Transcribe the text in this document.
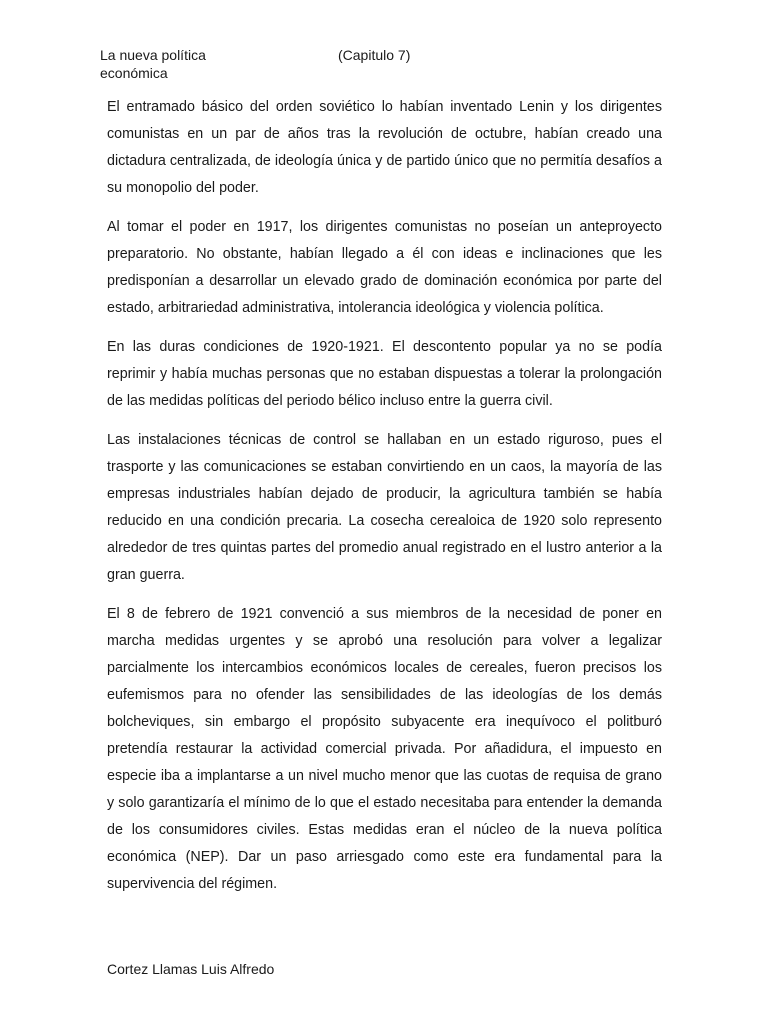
La nueva política económica
(Capitulo 7)

El entramado básico del orden soviético lo habían inventado Lenin y los dirigentes comunistas en un par de años tras la revolución de octubre, habían creado una dictadura centralizada, de ideología única y de partido único que no permitía desafíos a su monopolio del poder.

Al tomar el poder en 1917, los dirigentes comunistas no poseían un anteproyecto preparatorio. No obstante, habían llegado a él con ideas e inclinaciones que les predisponían a desarrollar un elevado grado de dominación económica por parte del estado, arbitrariedad administrativa, intolerancia ideológica y violencia política.

En las duras condiciones de 1920-1921. El descontento popular ya no se podía reprimir y había muchas personas que no estaban dispuestas a tolerar la prolongación de las medidas políticas del periodo bélico incluso entre la guerra civil.

Las instalaciones técnicas de control se hallaban en un estado riguroso, pues el trasporte y las comunicaciones se estaban convirtiendo en un caos, la mayoría de las empresas industriales habían dejado de producir, la agricultura también se había reducido en una condición precaria. La cosecha cerealoica de 1920 solo represento alrededor de tres quintas partes del promedio anual registrado en el lustro anterior a la gran guerra.

El 8 de febrero de 1921 convenció a sus miembros de la necesidad de poner en marcha medidas urgentes y se aprobó una resolución para volver a legalizar parcialmente los intercambios económicos locales de cereales, fueron precisos los eufemismos para no ofender las sensibilidades de las ideologías de los demás bolcheviques, sin embargo el propósito subyacente era inequívoco el politburó pretendía restaurar la actividad comercial privada. Por añadidura, el impuesto en especie iba a implantarse a un nivel mucho menor que las cuotas de requisa de grano y solo garantizaría el mínimo de lo que el estado necesitaba para entender la demanda de los consumidores civiles. Estas medidas eran el núcleo de la nueva política económica (NEP). Dar un paso arriesgado como este era fundamental para la supervivencia del régimen.

Cortez Llamas Luis Alfredo
